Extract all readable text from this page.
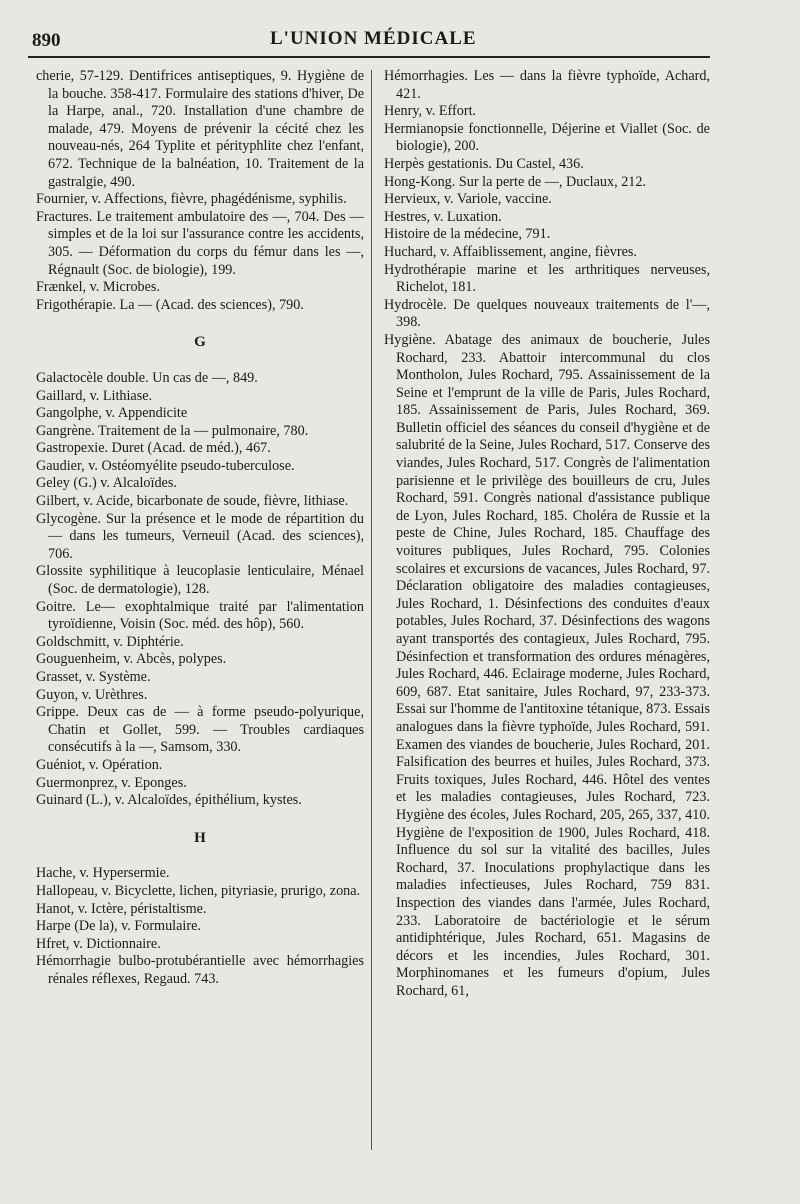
890	L'UNION MÉDICALE

cherie, 57-129. Dentifrices antiseptiques, 9. Hygiène de la bouche. 358-417. Formulaire des stations d'hiver, De la Harpe, anal., 720. Installation d'une chambre de malade, 479. Moyens de prévenir la cécité chez les nouveau-nés, 264 Typlite et pérityphlite chez l'enfant, 672. Technique de la balnéation, 10. Traitement de la gastralgie, 490.

Fournier, v. Affections, fièvre, phagédénisme, syphilis.

Fractures. Le traitement ambulatoire des —, 704. Des — simples et de la loi sur l'assurance contre les accidents, 305. — Déformation du corps du fémur dans les —, Régnault (Soc. de biologie), 199.

Frænkel, v. Microbes.

Frigothérapie. La — (Acad. des sciences), 790.

G

Galactocèle double. Un cas de —, 849.

Gaillard, v. Lithiase.

Gangolphe, v. Appendicite

Gangrène. Traitement de la — pulmonaire, 780.

Gastropexie. Duret (Acad. de méd.), 467.

Gaudier, v. Ostéomyélite pseudo-tuberculose.

Geley (G.) v. Alcaloïdes.

Gilbert, v. Acide, bicarbonate de soude, fièvre, lithiase.

Glycogène. Sur la présence et le mode de répartition du — dans les tumeurs, Verneuil (Acad. des sciences), 706.

Glossite syphilitique à leucoplasie lenticulaire, Ménael (Soc. de dermatologie), 128.

Goitre. Le— exophtalmique traité par l'alimentation tyroïdienne, Voisin (Soc. méd. des hôp), 560.

Goldschmitt, v. Diphtérie.

Gouguenheim, v. Abcès, polypes.

Grasset, v. Système.

Guyon, v. Urèthres.

Grippe. Deux cas de — à forme pseudo-polyurique, Chatin et Gollet, 599. — Troubles cardiaques consécutifs à la —, Samsom, 330.

Guéniot, v. Opération.

Guermonprez, v. Eponges.

Guinard (L.), v. Alcaloïdes, épithélium, kystes.

H

Hache, v. Hypersermie.

Hallopeau, v. Bicyclette, lichen, pityriasie, prurigo, zona.

Hanot, v. Ictère, péristaltisme.

Harpe (De la), v. Formulaire.

Hfret, v. Dictionnaire.

Hémorrhagie bulbo-protubérantielle avec hémorrhagies rénales réflexes, Regaud. 743.

Hémorrhagies. Les — dans la fièvre typhoïde, Achard, 421.

Henry, v. Effort.

Hermianopsie fonctionnelle, Déjerine et Viallet (Soc. de biologie), 200.

Herpès gestationis. Du Castel, 436.

Hong-Kong. Sur la perte de —, Duclaux, 212.

Hervieux, v. Variole, vaccine.

Hestres, v. Luxation.

Histoire de la médecine, 791.

Huchard, v. Affaiblissement, angine, fièvres.

Hydrothérapie marine et les arthritiques nerveuses, Richelot, 181.

Hydrocèle. De quelques nouveaux traitements de l'—, 398.

Hygiène. Abatage des animaux de boucherie, Jules Rochard, 233. Abattoir intercommunal du clos Montholon, Jules Rochard, 795. Assainissement de la Seine et l'emprunt de la ville de Paris, Jules Rochard, 185. Assainissement de Paris, Jules Rochard, 369. Bulletin officiel des séances du conseil d'hygiène et de salubrité de la Seine, Jules Rochard, 517. Conserve des viandes, Jules Rochard, 517. Congrès de l'alimentation parisienne et le privilège des bouilleurs de cru, Jules Rochard, 591. Congrès national d'assistance publique de Lyon, Jules Rochard, 185. Choléra de Russie et la peste de Chine, Jules Rochard, 185. Chauffage des voitures publiques, Jules Rochard, 795. Colonies scolaires et excursions de vacances, Jules Rochard, 97. Déclaration obligatoire des maladies contagieuses, Jules Rochard, 1. Désinfections des conduites d'eaux potables, Jules Rochard, 37. Désinfections des wagons ayant transportés des contagieux, Jules Rochard, 795. Désinfection et transformation des ordures ménagères, Jules Rochard, 446. Eclairage moderne, Jules Rochard, 609, 687. Etat sanitaire, Jules Rochard, 97, 233-373. Essai sur l'homme de l'antitoxine tétanique, 873. Essais analogues dans la fièvre typhoïde, Jules Rochard, 591. Examen des viandes de boucherie, Jules Rochard, 201. Falsification des beurres et huiles, Jules Rochard, 373. Fruits toxiques, Jules Rochard, 446. Hôtel des ventes et les maladies contagieuses, Jules Rochard, 723. Hygiène des écoles, Jules Rochard, 205, 265, 337, 410. Hygiène de l'exposition de 1900, Jules Rochard, 418. Influence du sol sur la vitalité des bacilles, Jules Rochard, 37. Inoculations prophylactique dans les maladies infectieuses, Jules Rochard, 759 831. Inspection des viandes dans l'armée, Jules Rochard, 233. Laboratoire de bactériologie et le sérum antidiphtérique, Jules Rochard, 651. Magasins de décors et les incendies, Jules Rochard, 301. Morphinomanes et les fumeurs d'opium, Jules Rochard, 61,
